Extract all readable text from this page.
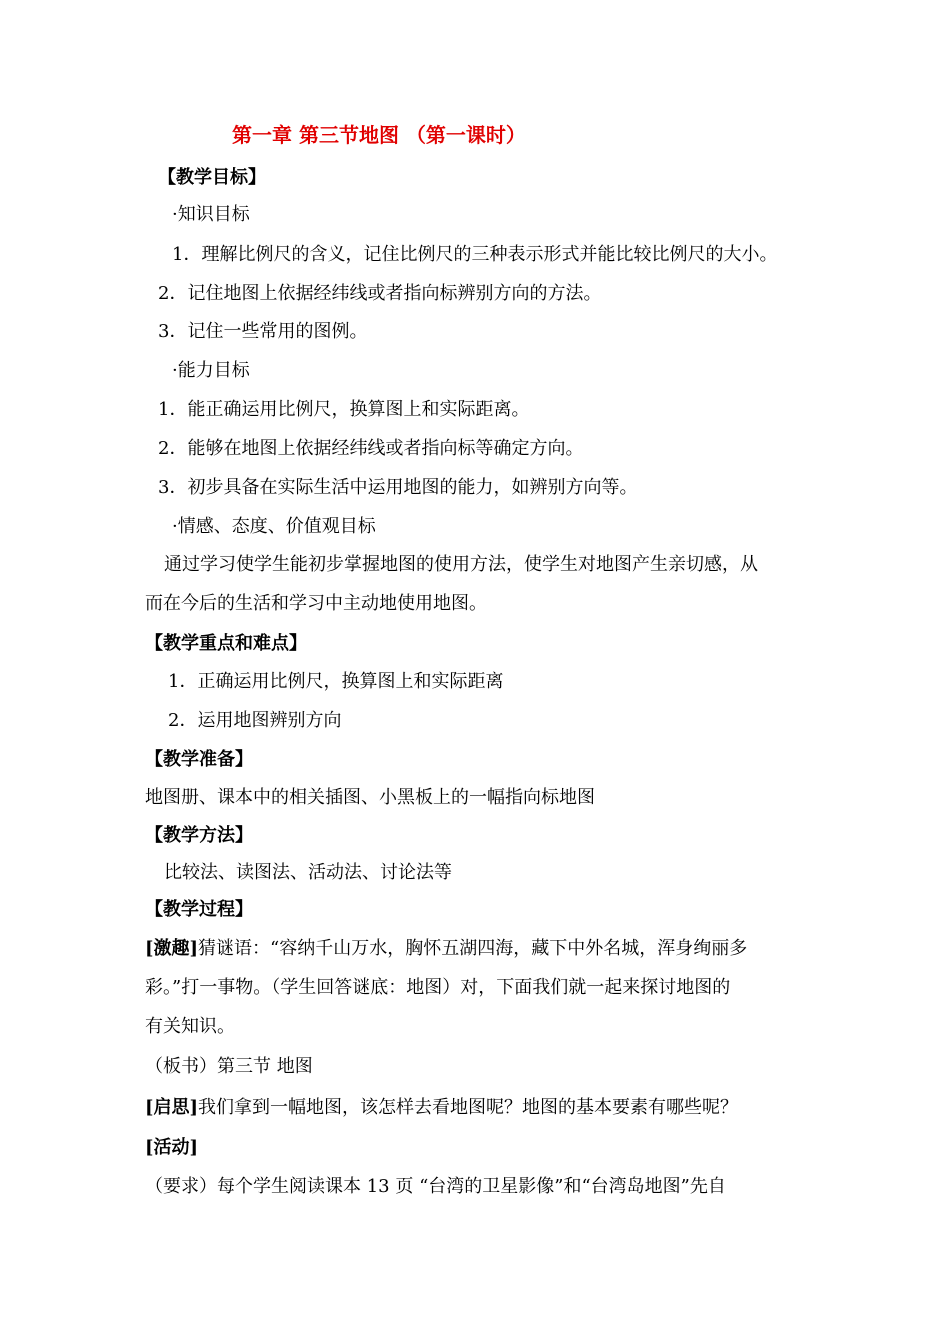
第一章 第三节地图 （第一课时）
【教学目标】
·知识目标
1．理解比例尺的含义，记住比例尺的三种表示形式并能比较比例尺的大小。
2．记住地图上依据经纬线或者指向标辨别方向的方法。
3．记住一些常用的图例。
·能力目标
1．能正确运用比例尺，换算图上和实际距离。
2．能够在地图上依据经纬线或者指向标等确定方向。
3．初步具备在实际生活中运用地图的能力，如辨别方向等。
·情感、态度、价值观目标
通过学习使学生能初步掌握地图的使用方法，使学生对地图产生亲切感，从
而在今后的生活和学习中主动地使用地图。
【教学重点和难点】
1．正确运用比例尺，换算图上和实际距离
2．运用地图辨别方向
【教学准备】
地图册、课本中的相关插图、小黑板上的一幅指向标地图
【教学方法】
比较法、读图法、活动法、讨论法等
【教学过程】
[激趣]猜谜语：“容纳千山万水，胸怀五湖四海，藏下中外名城，浑身绚丽多
彩。”打一事物。（学生回答谜底：地图）对，下面我们就一起来探讨地图的
有关知识。
（板书）第三节 地图
[启思]我们拿到一幅地图，该怎样去看地图呢？地图的基本要素有哪些呢？
[活动]
（要求）每个学生阅读课本 13 页 “台湾的卫星影像”和“台湾岛地图”先自
